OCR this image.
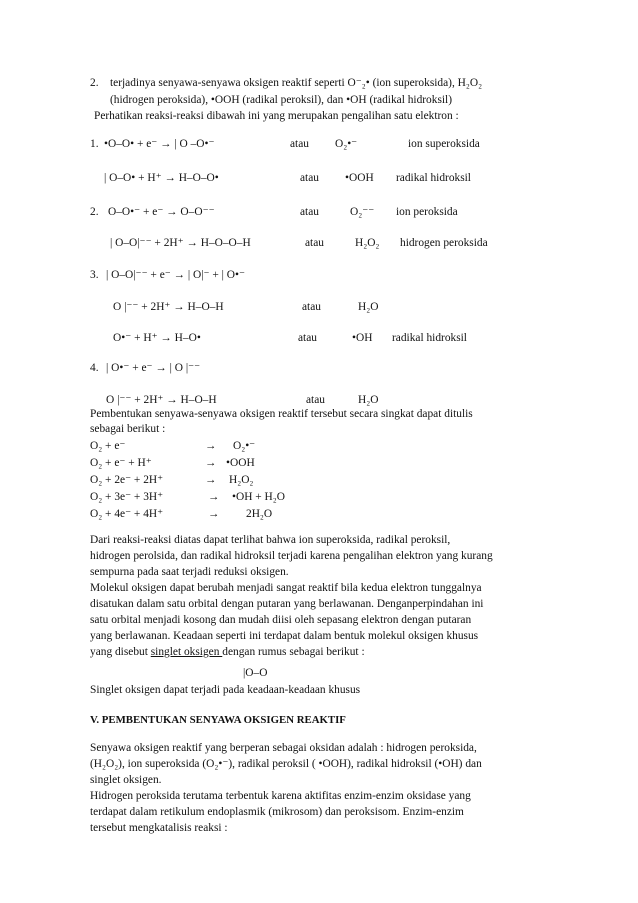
2. terjadinya senyawa-senyawa oksigen reaktif seperti O⁻₂• (ion superoksida), H₂O₂
(hidrogen peroksida), •OOH (radikal peroksil), dan •OH (radikal hidroksil)
Perhatikan reaksi-reaksi dibawah ini yang merupakan pengalihan satu elektron :
1. •O–O• + e⁻ → | O –O•⁻	atau O₂•⁻	ion superoksida
| O–O• + H⁺ → H–O–O•	atau •OOH radikal hidroksil
2. O–O•⁻ + e⁻ → O–O⁻⁻	atau	O₂⁻⁻ ion peroksida
| O–O|⁻⁻ + 2H⁺ → H–O–O–H	atau	H₂O₂ hidrogen peroksida
3. | O–O|⁻⁻ + e⁻ → | O|⁻ + | O•⁻
O |⁻⁻ + 2H⁺ → H–O–H	atau	H₂O
O•⁻ + H⁺ → H–O•	atau	•OH radikal hidroksil
4. | O•⁻ + e⁻ → | O |⁻⁻
O |⁻⁻ + 2H⁺ → H–O–H	atau	H₂O
Pembentukan senyawa-senyawa oksigen reaktif tersebut secara singkat dapat ditulis
sebagai berikut :
O₂ + e⁻	→ O₂•⁻
O₂ + e⁻ + H⁺	→ •OOH
O₂ + 2e⁻ + 2H⁺	→ H₂O₂
O₂ + 3e⁻ + 3H⁺	→ •OH + H₂O
O₂ + 4e⁻ + 4H⁺	→ 2H₂O
Dari reaksi-reaksi diatas dapat terlihat bahwa ion superoksida, radikal peroksil,
hidrogen perolsida, dan radikal hidroksil terjadi karena pengalihan elektron yang kurang
sempurna pada saat terjadi reduksi oksigen.
Molekul oksigen dapat berubah menjadi sangat reaktif bila kedua elektron tunggalnya
disatukan dalam satu orbital dengan putaran yang berlawanan. Denganperpindahan ini
satu orbital menjadi kosong dan mudah diisi oleh sepasang elektron dengan putaran
yang berlawanan. Keadaan seperti ini terdapat dalam bentuk molekul oksigen khusus
yang disebut singlet oksigen dengan rumus sebagai berikut :
|O–O
Singlet oksigen dapat terjadi pada keadaan-keadaan khusus
V. PEMBENTUKAN SENYAWA OKSIGEN REAKTIF
Senyawa oksigen reaktif yang berperan sebagai oksidan adalah : hidrogen peroksida,
(H₂O₂), ion superoksida (O₂•⁻), radikal peroksil ( •OOH), radikal hidroksil (•OH) dan
singlet oksigen.
Hidrogen peroksida terutama terbentuk karena aktifitas enzim-enzim oksidase yang
terdapat dalam retikulum endoplasmik (mikrosom) dan peroksisom. Enzim-enzim
tersebut mengkatalisis reaksi :
